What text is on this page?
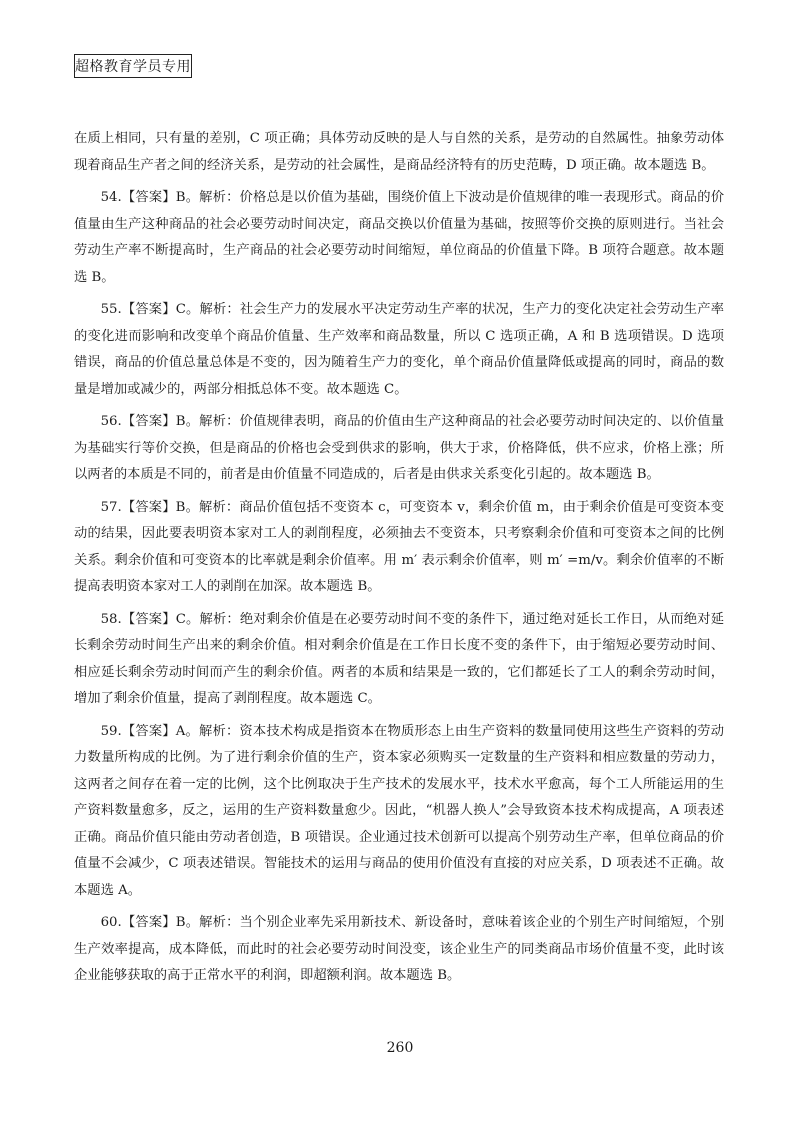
超格教育学员专用

在质上相同，只有量的差别，C 项正确；具体劳动反映的是人与自然的关系，是劳动的自然属性。抽象劳动体现着商品生产者之间的经济关系，是劳动的社会属性，是商品经济特有的历史范畴，D 项正确。故本题选 B。

54.【答案】B。解析：价格总是以价值为基础，围绕价值上下波动是价值规律的唯一表现形式。商品的价值量由生产这种商品的社会必要劳动时间决定，商品交换以价值量为基础，按照等价交换的原则进行。当社会劳动生产率不断提高时，生产商品的社会必要劳动时间缩短，单位商品的价值量下降。B 项符合题意。故本题选 B。

55.【答案】C。解析：社会生产力的发展水平决定劳动生产率的状况，生产力的变化决定社会劳动生产率的变化进而影响和改变单个商品价值量、生产效率和商品数量，所以 C 选项正确，A 和 B 选项错误。D 选项错误，商品的价值总量总体是不变的，因为随着生产力的变化，单个商品价值量降低或提高的同时，商品的数量是增加或减少的，两部分相抵总体不变。故本题选 C。

56.【答案】B。解析：价值规律表明，商品的价值由生产这种商品的社会必要劳动时间决定的、以价值量为基础实行等价交换，但是商品的价格也会受到供求的影响，供大于求，价格降低，供不应求，价格上涨；所以两者的本质是不同的，前者是由价值量不同造成的，后者是由供求关系变化引起的。故本题选 B。

57.【答案】B。解析：商品价值包括不变资本 c，可变资本 v，剩余价值 m，由于剩余价值是可变资本变动的结果，因此要表明资本家对工人的剥削程度，必须抽去不变资本，只考察剩余价值和可变资本之间的比例关系。剩余价值和可变资本的比率就是剩余价值率。用 m′ 表示剩余价值率，则 m′ =m/v。剩余价值率的不断提高表明资本家对工人的剥削在加深。故本题选 B。

58.【答案】C。解析：绝对剩余价值是在必要劳动时间不变的条件下，通过绝对延长工作日，从而绝对延长剩余劳动时间生产出来的剩余价值。相对剩余价值是在工作日长度不变的条件下，由于缩短必要劳动时间、相应延长剩余劳动时间而产生的剩余价值。两者的本质和结果是一致的，它们都延长了工人的剩余劳动时间，增加了剩余价值量，提高了剥削程度。故本题选 C。

59.【答案】A。解析：资本技术构成是指资本在物质形态上由生产资料的数量同使用这些生产资料的劳动力数量所构成的比例。为了进行剩余价值的生产，资本家必须购买一定数量的生产资料和相应数量的劳动力，这两者之间存在着一定的比例，这个比例取决于生产技术的发展水平，技术水平愈高，每个工人所能运用的生产资料数量愈多，反之，运用的生产资料数量愈少。因此，“机器人换人”会导致资本技术构成提高，A 项表述正确。商品价值只能由劳动者创造，B 项错误。企业通过技术创新可以提高个别劳动生产率，但单位商品的价值量不会减少，C 项表述错误。智能技术的运用与商品的使用价值没有直接的对应关系，D 项表述不正确。故本题选 A。

60.【答案】B。解析：当个别企业率先采用新技术、新设备时，意味着该企业的个别生产时间缩短，个别生产效率提高，成本降低，而此时的社会必要劳动时间没变，该企业生产的同类商品市场价值量不变，此时该企业能够获取的高于正常水平的利润，即超额利润。故本题选 B。

260
